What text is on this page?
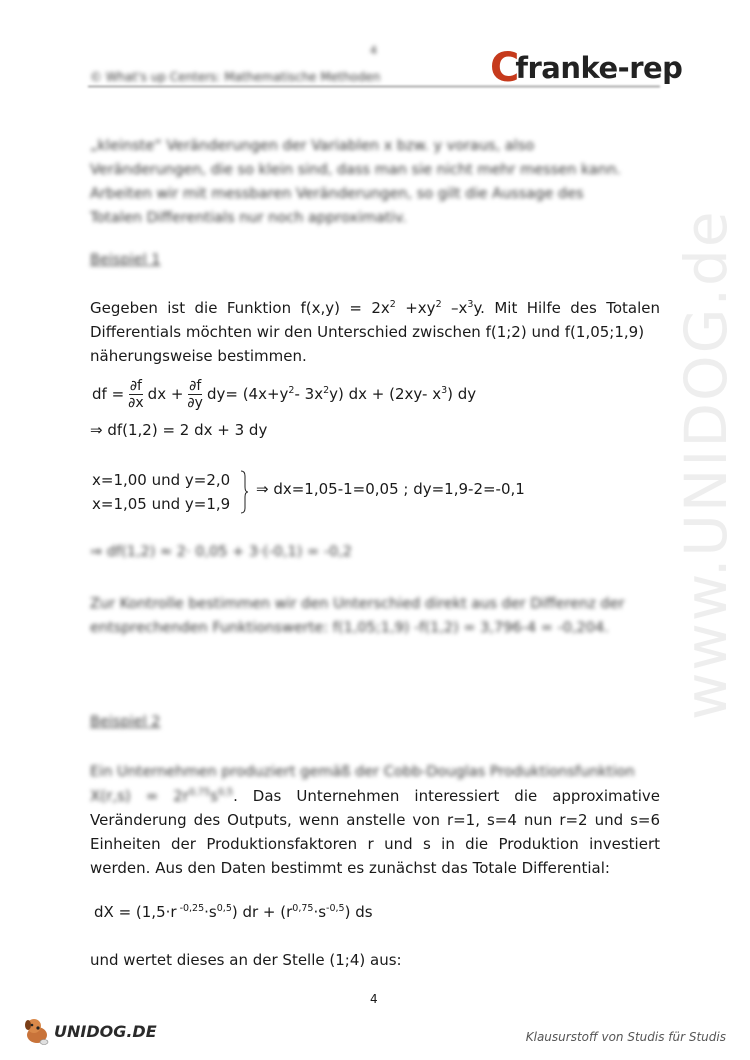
4
© What's up Centers: Mathematische Methoden	C
franke-rep
www.UNIDOG.de
„kleinste“ Veränderungen der Variablen x bzw. y voraus, also
Veränderungen, die so klein sind, dass man sie nicht mehr messen kann.
Arbeiten wir mit messbaren Veränderungen, so gilt die Aussage des
Totalen Differentials nur noch approximativ.
Beispiel 1
Gegeben ist die Funktion $f(x,y) = 2x^2 +xy^2$ $-x^3y$. Mit Hilfe des Totalen
Differentials möchten wir den Unterschied zwischen f(1;2) und f(1,05;1,9)
näherungsweise bestimmen.
df = $\frac{\partial f}{\partial x}$ dx + $\frac{\partial f}{\partial y}$ dy = ($4x+y^2-$ $3x^2y$) dx + (2xy- $x^3$) dy
⇒ df(1,2) = 2 dx + 3 dy
x=1,00 und y=2,0
x=1,05 und y=1,9
⇒ dx=1,05-1=0,05 ; dy=1,9-2=-0,1
⇒ df(1,2) ≈ 2· 0,05 + 3·(-0,1) = -0,2
Zur Kontrolle bestimmen wir den Unterschied direkt aus der Differenz der
entsprechenden Funktionswerte: f(1,05;1,9) -f(1,2) = 3,796-4 = -0,204.
Beispiel 2
Ein Unternehmen produziert gemäß der Cobb-Douglas Produktionsfunktion
$X(r,s) = 2r^{0,75}s^{0,5}$. Das Unternehmen interessiert die approximative
Veränderung des Outputs, wenn anstelle von r=1, s=4 nun r=2 und s=6
Einheiten der Produktionsfaktoren r und s in die Produktion investiert
werden. Aus den Daten bestimmt es zunächst das Totale Differential:
dX = (1,5·r $^{-0,25}\cdot s^{0,5}$) dr + $(r^{0,75}\cdot s^{-0,5})$ ds
und wertet dieses an der Stelle (1;4) aus:
4
UNIDOG.DE	Klausurstoff von Studis für Studis
